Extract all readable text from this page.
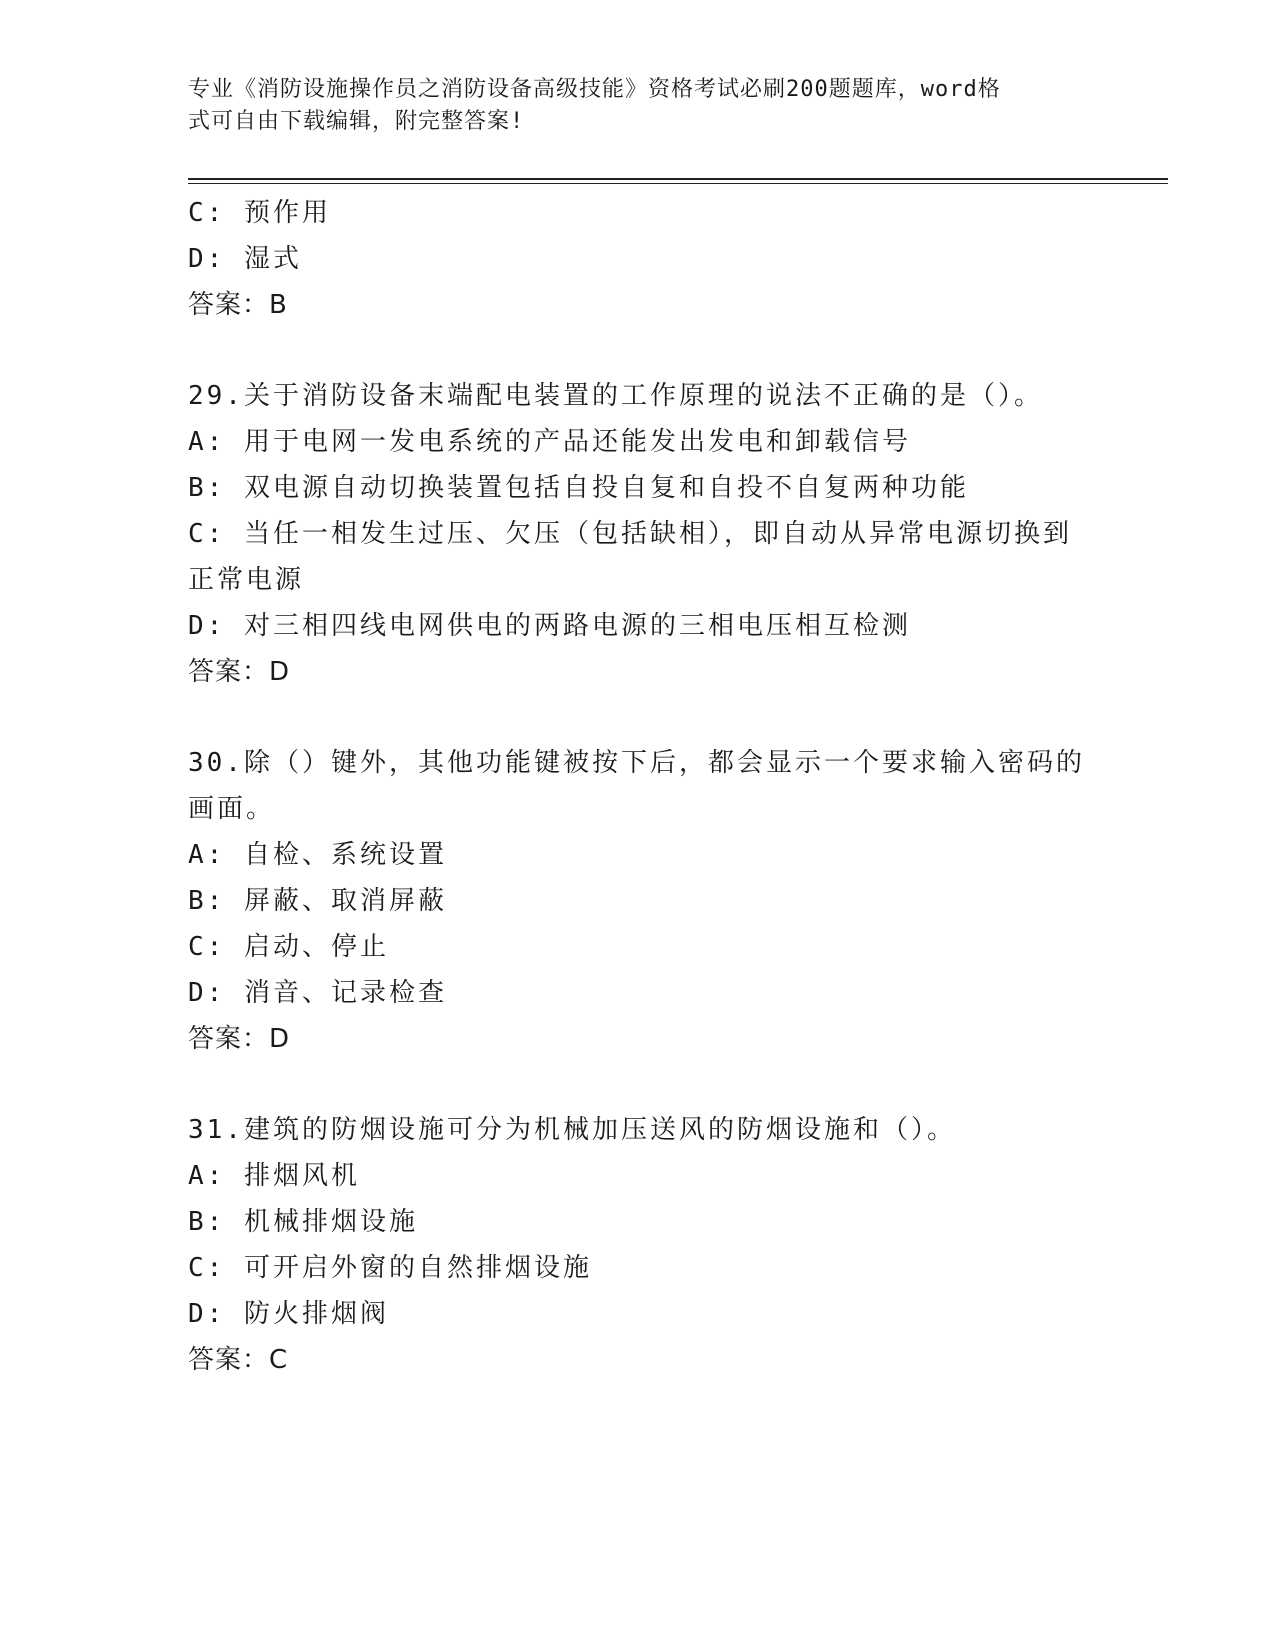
专业《消防设施操作员之消防设备高级技能》资格考试必刷200题题库，word格
式可自由下载编辑，附完整答案!

C: 预作用

D: 湿式

答案：B

29.关于消防设备末端配电装置的工作原理的说法不正确的是（）。

A: 用于电网一发电系统的产品还能发出发电和卸载信号

B: 双电源自动切换装置包括自投自复和自投不自复两种功能

C: 当任一相发生过压、欠压（包括缺相），即自动从异常电源切换到正常电源

D: 对三相四线电网供电的两路电源的三相电压相互检测

答案：D

30.除（）键外，其他功能键被按下后，都会显示一个要求输入密码的画面。

A: 自检、系统设置

B: 屏蔽、取消屏蔽

C: 启动、停止

D: 消音、记录检查

答案：D

31.建筑的防烟设施可分为机械加压送风的防烟设施和（）。

A: 排烟风机

B: 机械排烟设施

C: 可开启外窗的自然排烟设施

D: 防火排烟阀

答案：C
